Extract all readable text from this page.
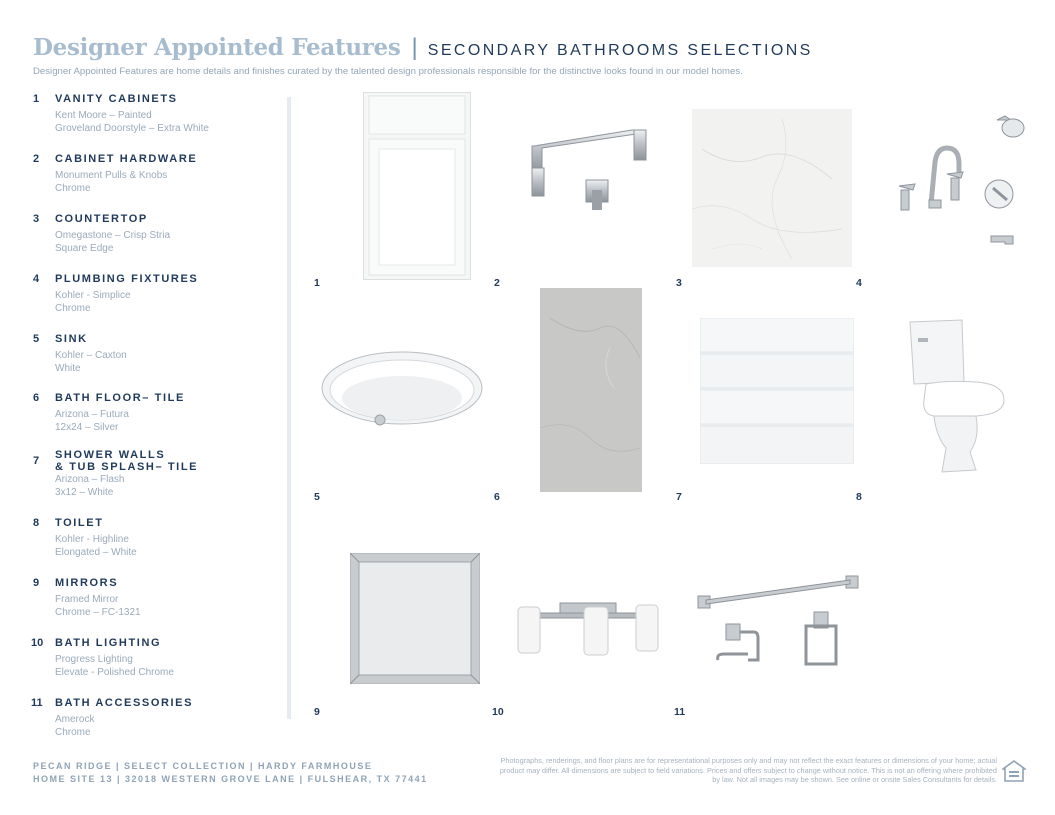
Designer Appointed Features | SECONDARY BATHROOMS SELECTIONS
Designer Appointed Features are home details and finishes curated by the talented design professionals responsible for the distinctive looks found in our model homes.
1 VANITY CABINETS
Kent Moore – Painted
Groveland Doorstyle – Extra White
2 CABINET HARDWARE
Monument Pulls & Knobs
Chrome
3 COUNTERTOP
Omegastone – Crisp Stria
Square Edge
4 PLUMBING FIXTURES
Kohler - Simplice
Chrome
5 SINK
Kohler – Caxton
White
6 BATH FLOOR– TILE
Arizona – Futura
12x24 – Silver
7 SHOWER WALLS
& TUB SPLASH– TILE
Arizona – Flash
3x12 – White
8 TOILET
Kohler - Highline
Elongated – White
9 MIRRORS
Framed Mirror
Chrome – FC-1321
10 BATH LIGHTING
Progress Lighting
Elevate - Polished Chrome
11 BATH ACCESSORIES
Amerock
Chrome
1	2	3	4
5	6	7	8
9	10	11
PECAN RIDGE | SELECT COLLECTION | HARDY FARMHOUSE
HOME SITE 13 | 32018 WESTERN GROVE LANE | FULSHEAR, TX 77441
Photographs, renderings, and floor plans are for representational purposes only and may not reflect the exact features or dimensions of your home; actual product may differ. All dimensions are subject to field variations. Prices and offers subject to change without notice. This is not an offering where prohibited by law. Not all images may be shown. See online or onsite Sales Consultants for details.
